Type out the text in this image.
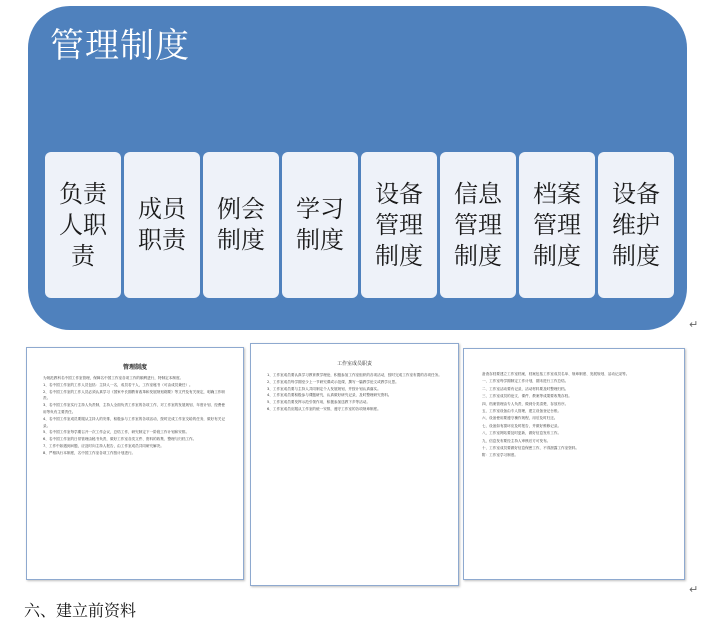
管理制度
负责
人职
责
成员
职责
例会
制度
学习
制度
设备
管理
制度
信息
管理
制度
档案
管理
制度
设备
维护
制度
↵

管理制度

为规范教科名中国工作室管理，保障名中国工作室各项工作的顺利进行，特制定本制度。
1、名中国工作室的工作人员包括：主持人一名，成员若干人，工作室秘书（可由成员兼任）。
2、名中国工作室的工作人员必须认真学习《国家中长期教育改革和发展规划纲要》等文件及有关规定，明确工作职责。
3、名中国工作室实行主持人负责制，主持人全面负责工作室的各项工作，对工作室的发展规划、年度计划、经费使用等负有主要责任。
4、名中国工作室成员要服从主持人的安排，积极参与工作室的各项活动，按时完成工作室交给的任务，做好有关记录。
5、名中国工作室每学期召开一次工作会议，总结工作，研究制定下一阶段工作计划和安排。
6、名中国工作室的日常管理由秘书负责，做好工作室各类文件、资料的收集、整理与归档工作。
7、工作中如遇到问题，应及时向主持人报告，由工作室成员共同研究解决。
8、严格执行本制度，名中国工作室各项工作按计划进行。

工作室成员职责

1、工作室成员要认真学习教育教学理论，积极参加工作室组织的各项活动，按时完成工作室布置的各项任务。
2、工作室成员每学期至少上一节研究课或示范课，撰写一篇教学论文或教学反思。
3、工作室成员要与主持人共同制定个人发展规划，并按计划认真落实。
4、工作室成员要积极参与课题研究，认真做好研究记录，及时整理研究资料。
5、工作室成员要发挥示范引领作用，积极参加送教下乡等活动。
6、工作室成员应服从工作室的统一安排，遵守工作室的各项规章制度。

备查存档要建立工作室档案，档案包括工作室成员名单、规章制度、发展规划、活动记录等。
一、工作室每学期制定工作计划，期末进行工作总结。
二、工作室活动要有记录，活动材料要及时整理归档。
三、工作室成员的论文、课件、教案等成果要收集存档。
四、档案管理由专人负责，做到分类清楚、存放有序。
五、工作室设备由专人管理，建立设备登记台账。
六、设备使用要遵守操作规程，用后及时归还。
七、设备如有损坏应及时报告，并做好维修记录。
八、工作室网站要及时更新，做好信息发布工作。
九、信息发布要经主持人审核后方可发布。
十、工作室成员要做好信息保密工作，不得泄露工作室资料。
附：工作室学习制度。

↵
六、建立前资料
